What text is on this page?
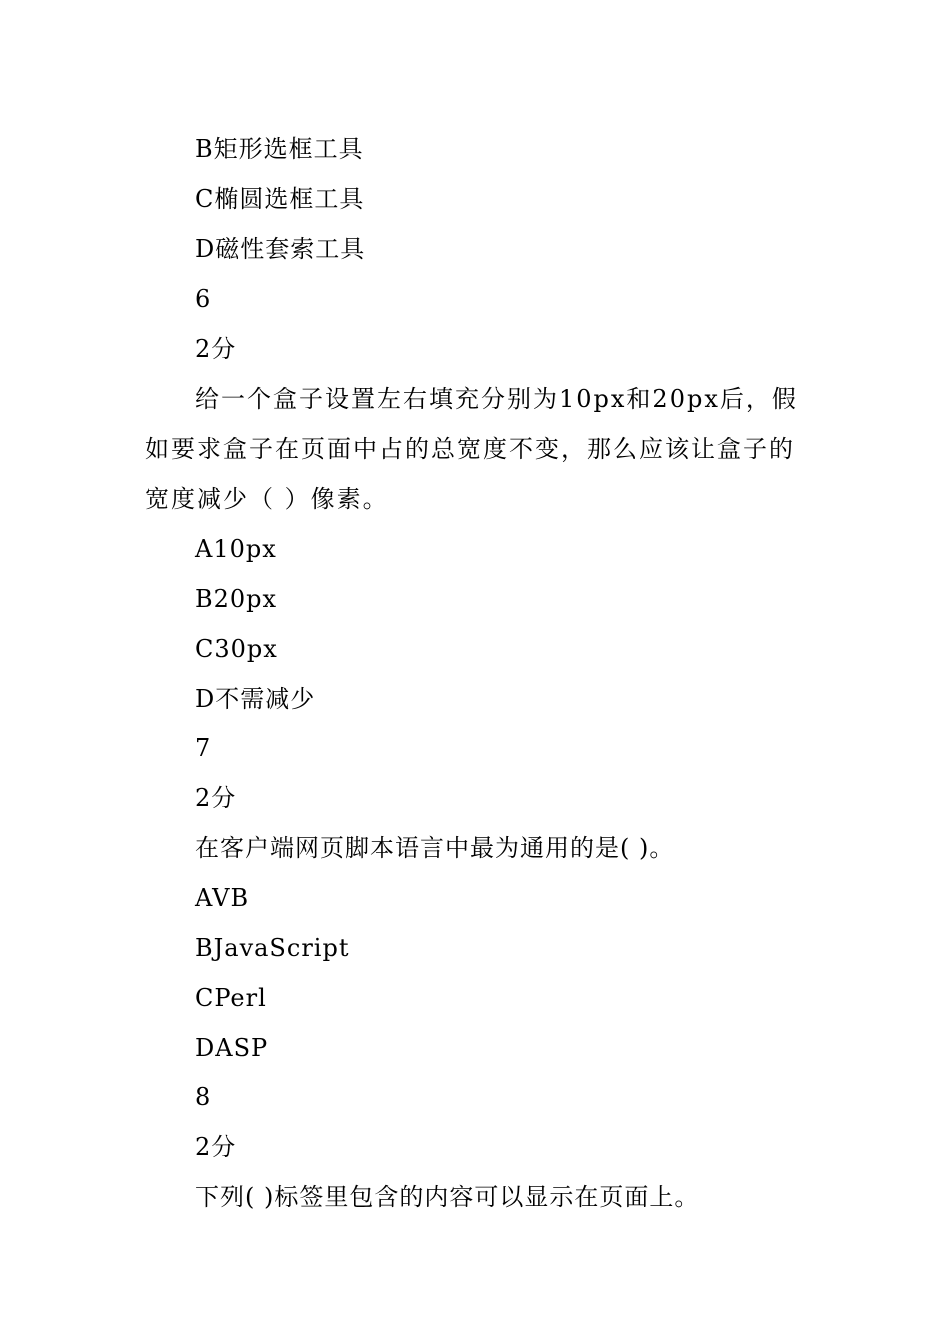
B矩形选框工具
C椭圆选框工具
D磁性套索工具
6
2分

给一个盒子设置左右填充分别为10px和20px后，假如要求盒子在页面中占的总宽度不变，那么应该让盒子的宽度减少（ ）像素。

A10px
B20px
C30px
D不需减少
7
2分
在客户端网页脚本语言中最为通用的是( )。
AVB
BJavaScript
CPerl
DASP
8
2分
下列( )标签里包含的内容可以显示在页面上。
